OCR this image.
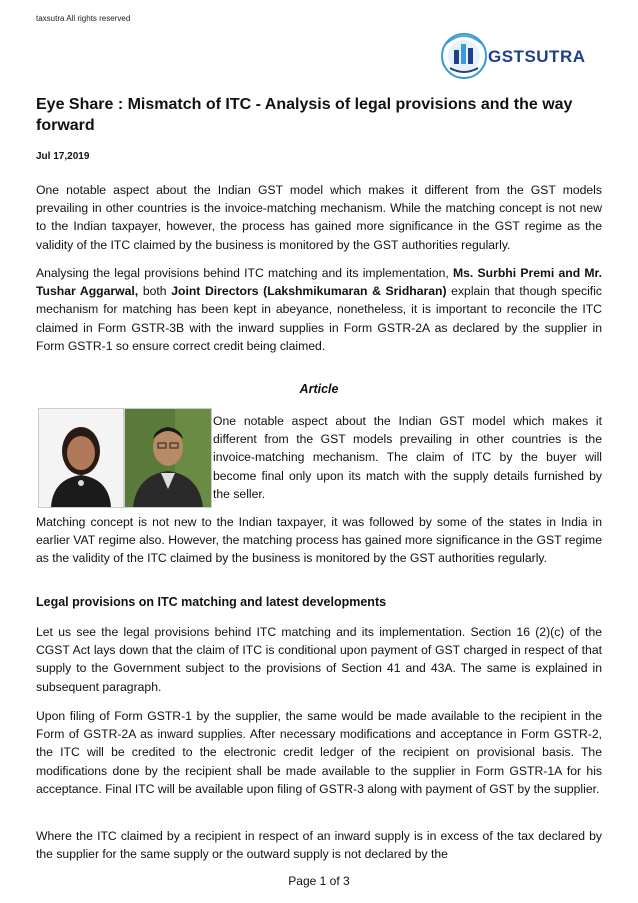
taxsutra All rights reserved
GSTSUTRA
Eye Share : Mismatch of ITC - Analysis of legal provisions and the way forward
Jul 17,2019

One notable aspect about the Indian GST model which makes it different from the GST models prevailing in other countries is the invoice-matching mechanism. While the matching concept is not new to the Indian taxpayer, however, the process has gained more significance in the GST regime as the validity of the ITC claimed by the business is monitored by the GST authorities regularly.

Analysing the legal provisions behind ITC matching and its implementation, Ms. Surbhi Premi and Mr. Tushar Aggarwal, both Joint Directors (Lakshmikumaran & Sridharan) explain that though specific mechanism for matching has been kept in abeyance, nonetheless, it is important to reconcile the ITC claimed in Form GSTR-3B with the inward supplies in Form GSTR-2A as declared by the supplier in Form GSTR-1 so ensure correct credit being claimed.

Article

One notable aspect about the Indian GST model which makes it different from the GST models prevailing in other countries is the invoice-matching mechanism. The claim of ITC by the buyer will become final only upon its match with the supply details furnished by the seller.

Matching concept is not new to the Indian taxpayer, it was followed by some of the states in India in earlier VAT regime also. However, the matching process has gained more significance in the GST regime as the validity of the ITC claimed by the business is monitored by the GST authorities regularly.

Legal provisions on ITC matching and latest developments

Let us see the legal provisions behind ITC matching and its implementation. Section 16 (2)(c) of the CGST Act lays down that the claim of ITC is conditional upon payment of GST charged in respect of that supply to the Government subject to the provisions of Section 41 and 43A. The same is explained in subsequent paragraph.

Upon filing of Form GSTR-1 by the supplier, the same would be made available to the recipient in the Form of GSTR-2A as inward supplies. After necessary modifications and acceptance in Form GSTR-2, the ITC will be credited to the electronic credit ledger of the recipient on provisional basis. The modifications done by the recipient shall be made available to the supplier in Form GSTR-1A for his acceptance. Final ITC will be available upon filing of GSTR-3 along with payment of GST by the supplier.

Where the ITC claimed by a recipient in respect of an inward supply is in excess of the tax declared by the supplier for the same supply or the outward supply is not declared by the

Page 1 of 3
